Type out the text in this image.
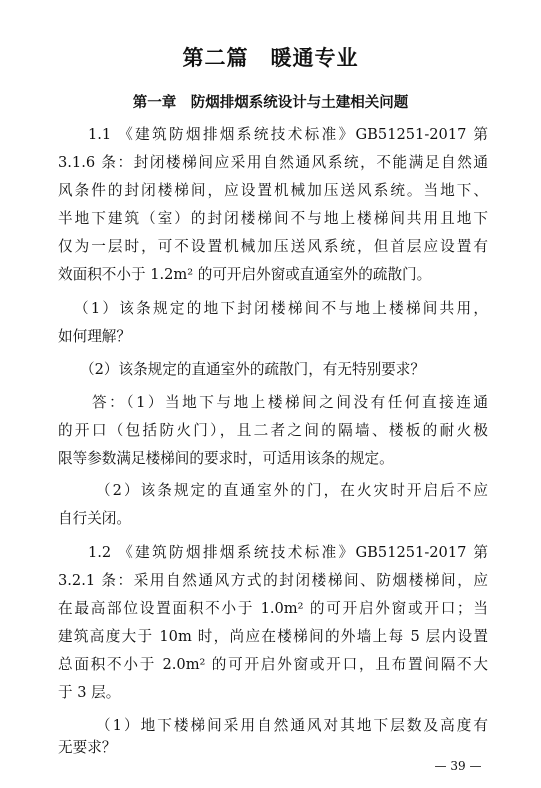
第二篇　暖通专业
第一章　防烟排烟系统设计与土建相关问题
1.1 《建筑防烟排烟系统技术标准》GB51251-2017 第
3.1.6 条：封闭楼梯间应采用自然通风系统，不能满足自然通
风条件的封闭楼梯间，应设置机械加压送风系统。当地下、
半地下建筑（室）的封闭楼梯间不与地上楼梯间共用且地下
仅为一层时，可不设置机械加压送风系统，但首层应设置有
效面积不小于 1.2m² 的可开启外窗或直通室外的疏散门。
（1）该条规定的地下封闭楼梯间不与地上楼梯间共用，
如何理解？
（2）该条规定的直通室外的疏散门，有无特别要求？
答：（1）当地下与地上楼梯间之间没有任何直接连通
的开口（包括防火门），且二者之间的隔墙、楼板的耐火极
限等参数满足楼梯间的要求时，可适用该条的规定。
（2）该条规定的直通室外的门，在火灾时开启后不应
自行关闭。
1.2 《建筑防烟排烟系统技术标准》GB51251-2017 第
3.2.1 条：采用自然通风方式的封闭楼梯间、防烟楼梯间，应
在最高部位设置面积不小于 1.0m² 的可开启外窗或开口；当
建筑高度大于 10m 时，尚应在楼梯间的外墙上每 5 层内设置
总面积不小于 2.0m² 的可开启外窗或开口，且布置间隔不大
于 3 层。
（1）地下楼梯间采用自然通风对其地下层数及高度有
无要求？
— 39 —
